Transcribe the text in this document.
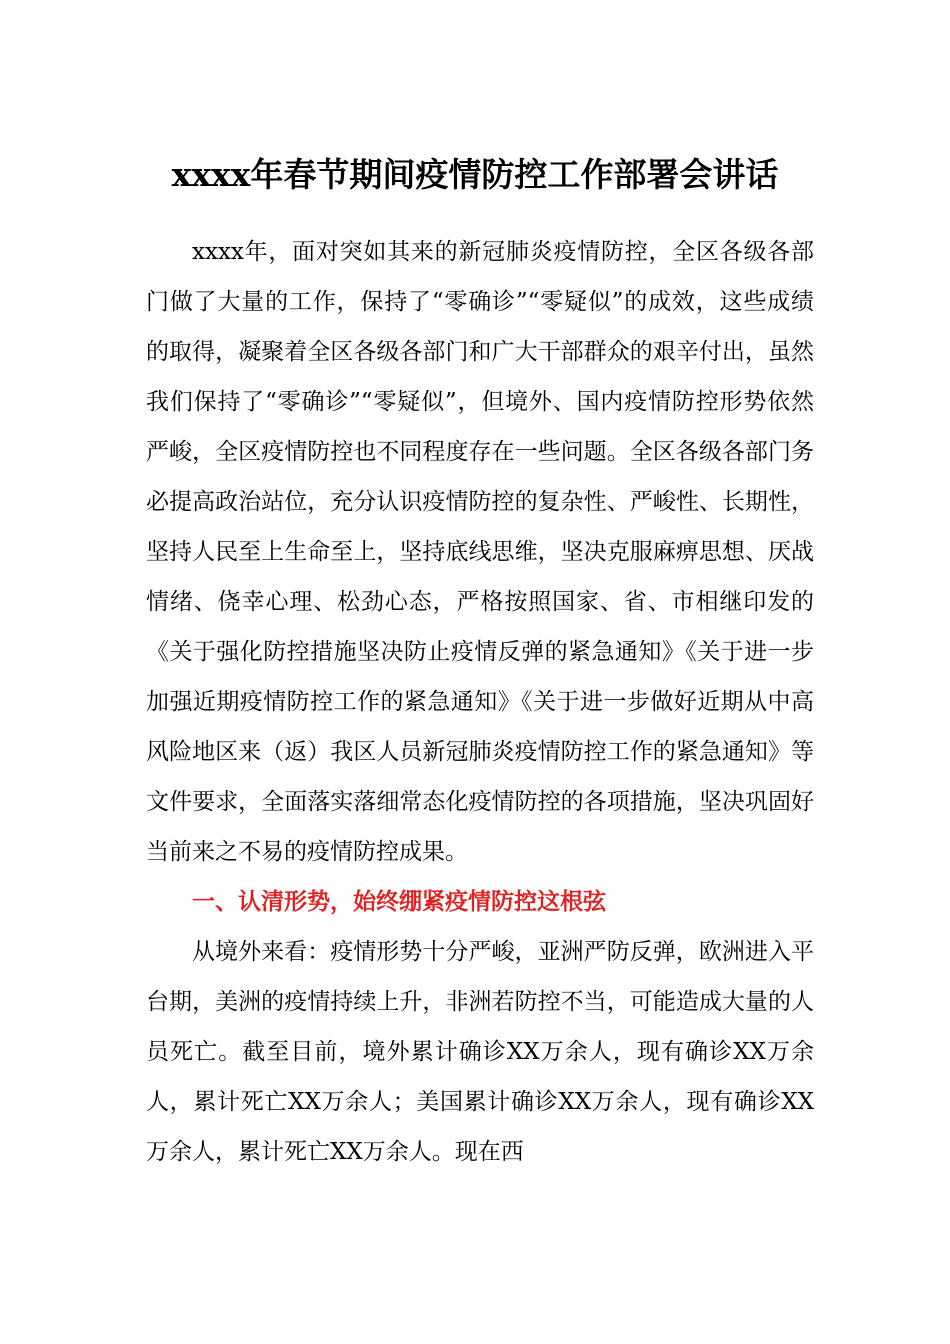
xxxx年春节期间疫情防控工作部署会讲话

xxxx年，面对突如其来的新冠肺炎疫情防控，全区各级各部门做了大量的工作，保持了“零确诊”“零疑似”的成效，这些成绩的取得，凝聚着全区各级各部门和广大干部群众的艰辛付出，虽然我们保持了“零确诊”“零疑似”，但境外、国内疫情防控形势依然严峻，全区疫情防控也不同程度存在一些问题。全区各级各部门务必提高政治站位，充分认识疫情防控的复杂性、严峻性、长期性，坚持人民至上生命至上，坚持底线思维，坚决克服麻痹思想、厌战情绪、侥幸心理、松劲心态，严格按照国家、省、市相继印发的《关于强化防控措施坚决防止疫情反弹的紧急通知》《关于进一步加强近期疫情防控工作的紧急通知》《关于进一步做好近期从中高风险地区来（返）我区人员新冠肺炎疫情防控工作的紧急通知》等文件要求，全面落实落细常态化疫情防控的各项措施，坚决巩固好当前来之不易的疫情防控成果。

一、认清形势，始终绷紧疫情防控这根弦

从境外来看：疫情形势十分严峻，亚洲严防反弹，欧洲进入平台期，美洲的疫情持续上升，非洲若防控不当，可能造成大量的人员死亡。截至目前，境外累计确诊XX万余人，现有确诊XX万余人，累计死亡XX万余人；美国累计确诊XX万余人，现有确诊XX万余人，累计死亡XX万余人。现在西
